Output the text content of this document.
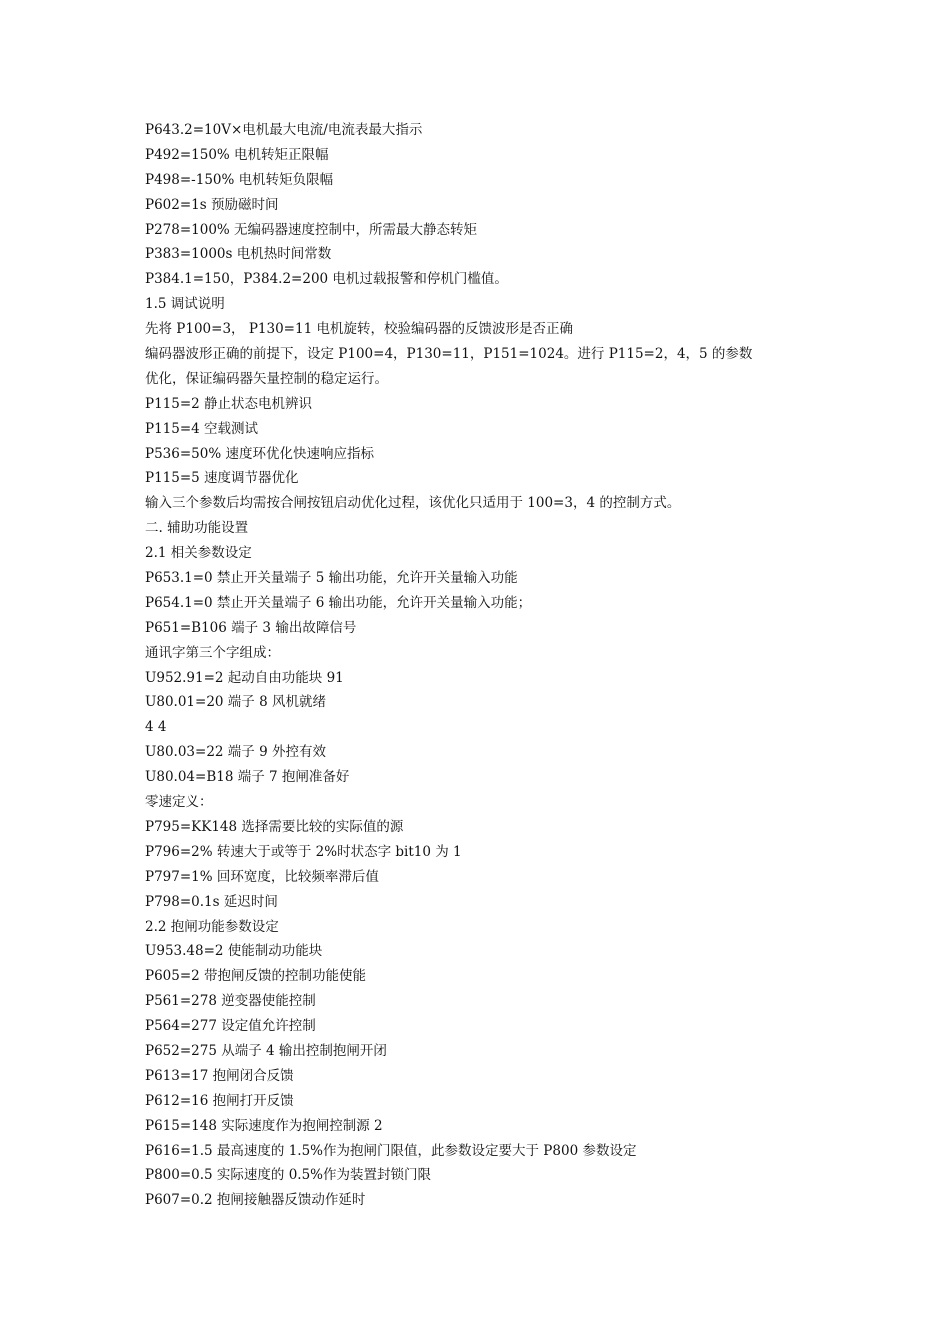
P643.2=10V×电机最大电流/电流表最大指示

P492=150% 电机转矩正限幅

P498=-150% 电机转矩负限幅

P602=1s 预励磁时间

P278=100% 无编码器速度控制中，所需最大静态转矩

P383=1000s 电机热时间常数

P384.1=150，P384.2=200 电机过载报警和停机门槛值。

1.5 调试说明

先将 P100=3， P130=11 电机旋转，校验编码器的反馈波形是否正确

编码器波形正确的前提下，设定 P100=4，P130=11，P151=1024。进行 P115=2，4，5 的参数

优化，保证编码器矢量控制的稳定运行。

P115=2 静止状态电机辨识

P115=4 空载测试

P536=50% 速度环优化快速响应指标

P115=5 速度调节器优化

输入三个参数后均需按合闸按钮启动优化过程，该优化只适用于 100=3，4 的控制方式。

二. 辅助功能设置

2.1 相关参数设定

P653.1=0 禁止开关量端子 5 输出功能，允许开关量输入功能

P654.1=0 禁止开关量端子 6 输出功能，允许开关量输入功能；

P651=B106 端子 3 输出故障信号

通讯字第三个字组成：

U952.91=2 起动自由功能块 91

U80.01=20 端子 8 风机就绪

4 4

U80.03=22 端子 9 外控有效

U80.04=B18 端子 7 抱闸准备好

零速定义：

P795=KK148 选择需要比较的实际值的源

P796=2% 转速大于或等于 2%时状态字 bit10 为 1

P797=1% 回环宽度，比较频率滞后值

P798=0.1s 延迟时间

2.2 抱闸功能参数设定

U953.48=2 使能制动功能块

P605=2 带抱闸反馈的控制功能使能

P561=278 逆变器使能控制

P564=277 设定值允许控制

P652=275 从端子 4 输出控制抱闸开闭

P613=17 抱闸闭合反馈

P612=16 抱闸打开反馈

P615=148 实际速度作为抱闸控制源 2

P616=1.5 最高速度的 1.5%作为抱闸门限值，此参数设定要大于 P800 参数设定

P800=0.5 实际速度的 0.5%作为装置封锁门限

P607=0.2 抱闸接触器反馈动作延时
